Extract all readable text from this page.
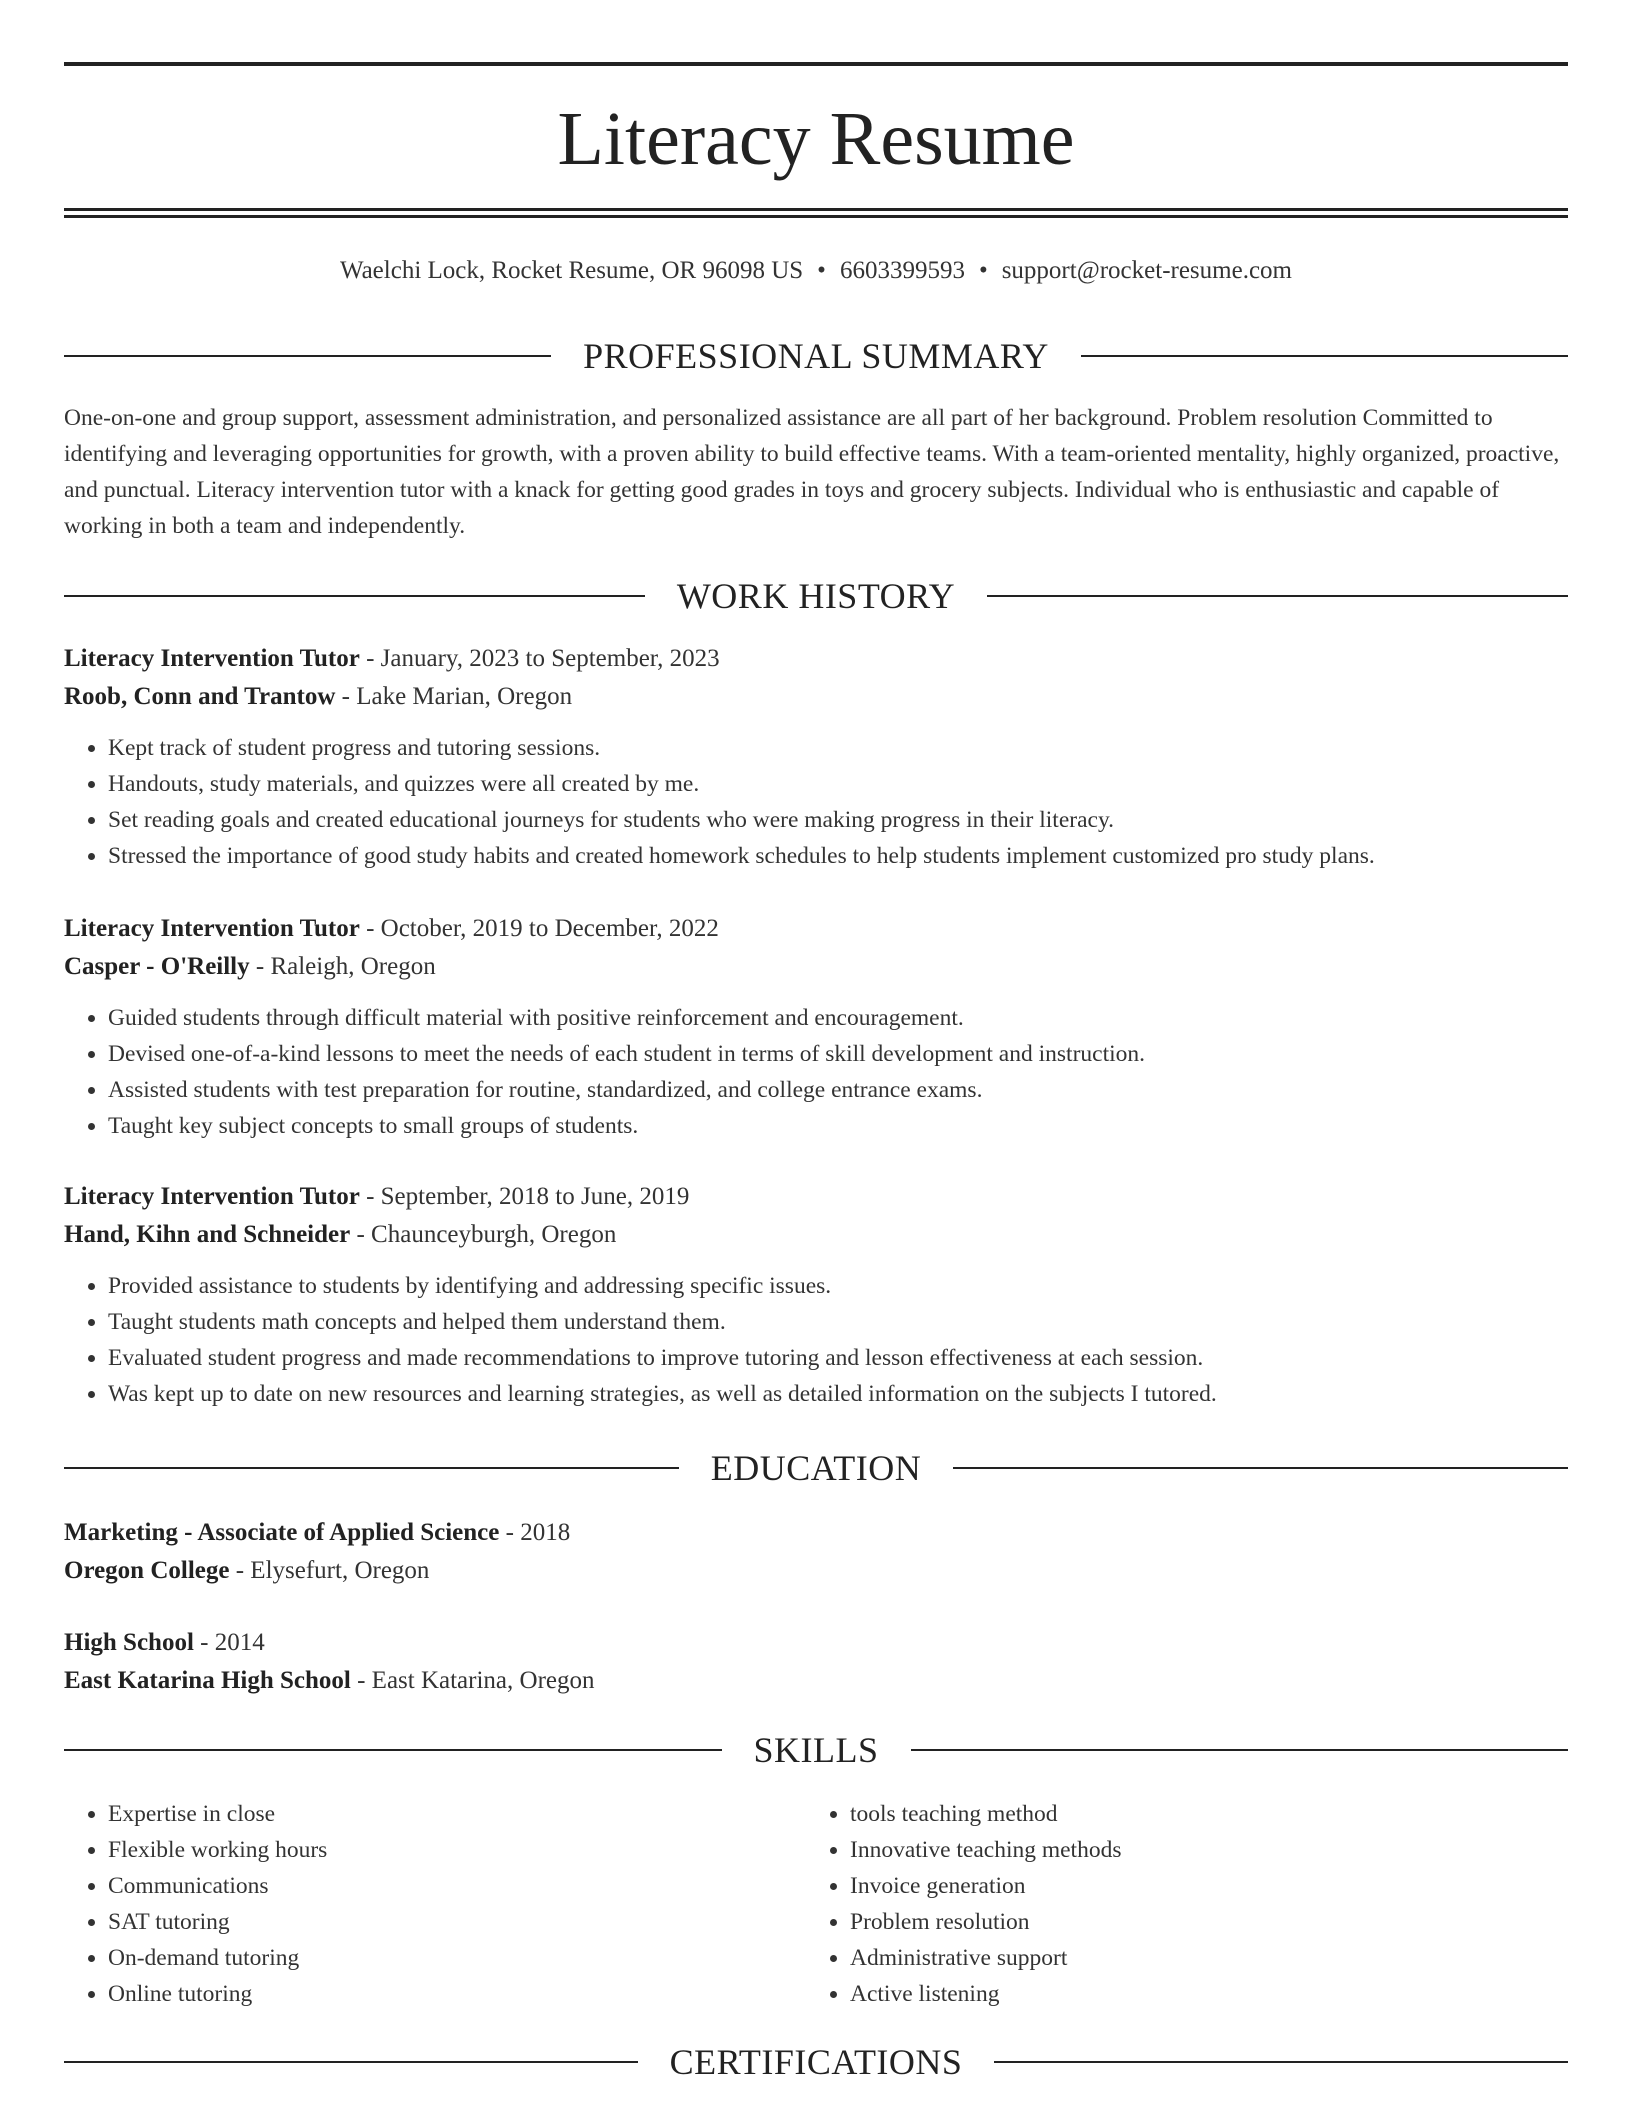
Literacy Resume
Waelchi Lock, Rocket Resume, OR 96098 US • 6603399593 • support@rocket-resume.com
PROFESSIONAL SUMMARY

One-on-one and group support, assessment administration, and personalized assistance are all part of her background. Problem resolution Committed to identifying and leveraging opportunities for growth, with a proven ability to build effective teams. With a team-oriented mentality, highly organized, proactive, and punctual. Literacy intervention tutor with a knack for getting good grades in toys and grocery subjects. Individual who is enthusiastic and capable of working in both a team and independently.

WORK HISTORY
Literacy Intervention Tutor - January, 2023 to September, 2023
Roob, Conn and Trantow - Lake Marian, Oregon
• Kept track of student progress and tutoring sessions.
• Handouts, study materials, and quizzes were all created by me.
• Set reading goals and created educational journeys for students who were making progress in their literacy.
• Stressed the importance of good study habits and created homework schedules to help students implement customized pro study plans.
Literacy Intervention Tutor - October, 2019 to December, 2022
Casper - O'Reilly - Raleigh, Oregon
• Guided students through difficult material with positive reinforcement and encouragement.
• Devised one-of-a-kind lessons to meet the needs of each student in terms of skill development and instruction.
• Assisted students with test preparation for routine, standardized, and college entrance exams.
• Taught key subject concepts to small groups of students.
Literacy Intervention Tutor - September, 2018 to June, 2019
Hand, Kihn and Schneider - Chaunceyburgh, Oregon
• Provided assistance to students by identifying and addressing specific issues.
• Taught students math concepts and helped them understand them.
• Evaluated student progress and made recommendations to improve tutoring and lesson effectiveness at each session.
• Was kept up to date on new resources and learning strategies, as well as detailed information on the subjects I tutored.
EDUCATION
Marketing - Associate of Applied Science - 2018
Oregon College - Elysefurt, Oregon
High School - 2014
East Katarina High School - East Katarina, Oregon
SKILLS
• Expertise in close
• Flexible working hours
• Communications
• SAT tutoring
• On-demand tutoring
• Online tutoring
• tools teaching method
• Innovative teaching methods
• Invoice generation
• Problem resolution
• Administrative support
• Active listening
CERTIFICATIONS
